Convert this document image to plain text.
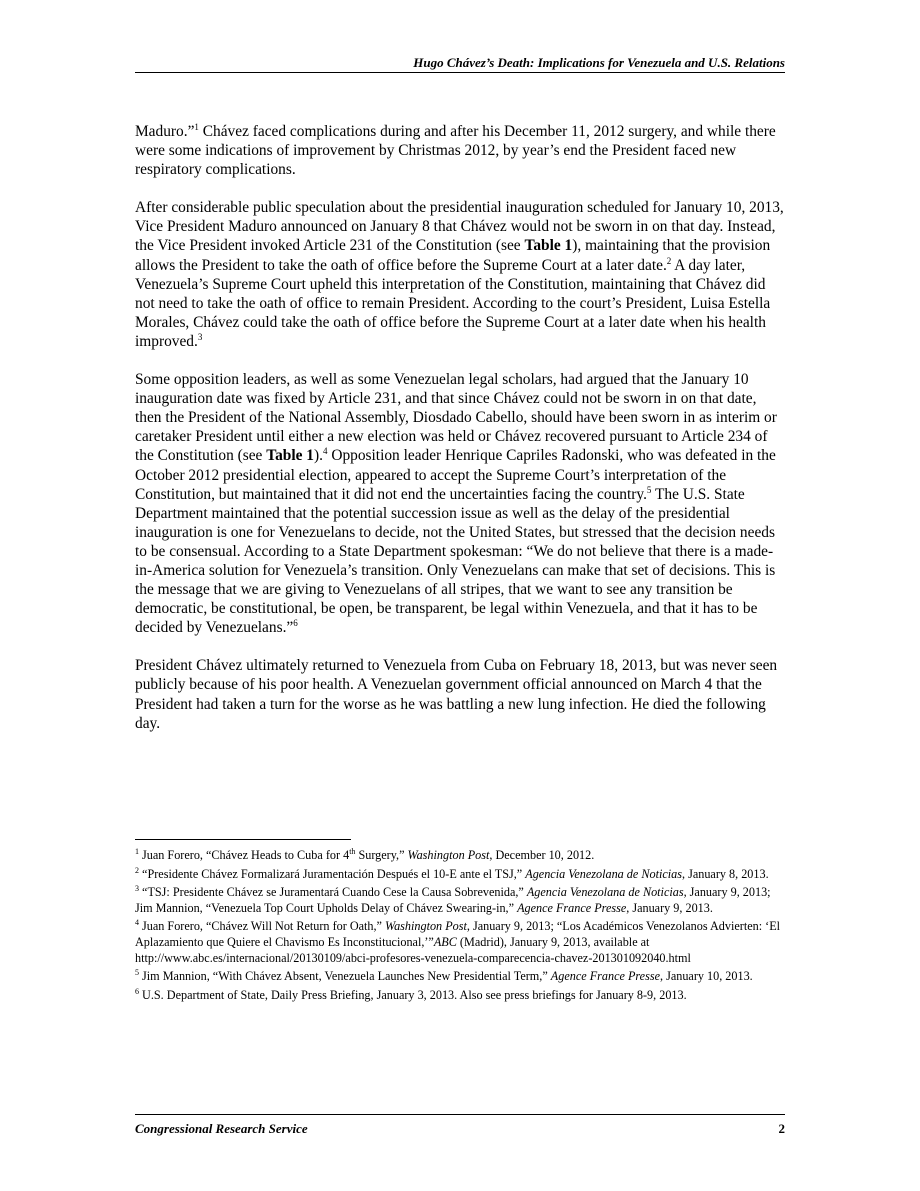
Hugo Chávez’s Death: Implications for Venezuela and U.S. Relations

Maduro.”$^1$ Chávez faced complications during and after his December 11, 2012 surgery, and while there were some indications of improvement by Christmas 2012, by year’s end the President faced new respiratory complications.

After considerable public speculation about the presidential inauguration scheduled for January 10, 2013, Vice President Maduro announced on January 8 that Chávez would not be sworn in on that day. Instead, the Vice President invoked Article 231 of the Constitution (see Table 1), maintaining that the provision allows the President to take the oath of office before the Supreme Court at a later date.$^2$ A day later, Venezuela’s Supreme Court upheld this interpretation of the Constitution, maintaining that Chávez did not need to take the oath of office to remain President. According to the court’s President, Luisa Estella Morales, Chávez could take the oath of office before the Supreme Court at a later date when his health improved.$^3$

Some opposition leaders, as well as some Venezuelan legal scholars, had argued that the January 10 inauguration date was fixed by Article 231, and that since Chávez could not be sworn in on that date, then the President of the National Assembly, Diosdado Cabello, should have been sworn in as interim or caretaker President until either a new election was held or Chávez recovered pursuant to Article 234 of the Constitution (see Table 1).$^4$ Opposition leader Henrique Capriles Radonski, who was defeated in the October 2012 presidential election, appeared to accept the Supreme Court’s interpretation of the Constitution, but maintained that it did not end the uncertainties facing the country.$^5$ The U.S. State Department maintained that the potential succession issue as well as the delay of the presidential inauguration is one for Venezuelans to decide, not the United States, but stressed that the decision needs to be consensual. According to a State Department spokesman: “We do not believe that there is a made-in-America solution for Venezuela’s transition. Only Venezuelans can make that set of decisions. This is the message that we are giving to Venezuelans of all stripes, that we want to see any transition be democratic, be constitutional, be open, be transparent, be legal within Venezuela, and that it has to be decided by Venezuelans.”$^6$

President Chávez ultimately returned to Venezuela from Cuba on February 18, 2013, but was never seen publicly because of his poor health. A Venezuelan government official announced on March 4 that the President had taken a turn for the worse as he was battling a new lung infection. He died the following day.

$^1$ Juan Forero, “Chávez Heads to Cuba for 4th Surgery,” Washington Post, December 10, 2012.
$^2$ “Presidente Chávez Formalizará Juramentación Después el 10-E ante el TSJ,” Agencia Venezolana de Noticias, January 8, 2013.
$^3$ “TSJ: Presidente Chávez se Juramentará Cuando Cese la Causa Sobrevenida,” Agencia Venezolana de Noticias, January 9, 2013; Jim Mannion, “Venezuela Top Court Upholds Delay of Chávez Swearing-in,” Agence France Presse, January 9, 2013.
$^4$ Juan Forero, “Chávez Will Not Return for Oath,” Washington Post, January 9, 2013; “Los Académicos Venezolanos Advierten: ‘El Aplazamiento que Quiere el Chavismo Es Inconstitucional,’”ABC (Madrid), January 9, 2013, available at http://www.abc.es/internacional/20130109/abci-profesores-venezuela-comparecencia-chavez-201301092040.html
$^5$ Jim Mannion, “With Chávez Absent, Venezuela Launches New Presidential Term,” Agence France Presse, January 10, 2013.
$^6$ U.S. Department of State, Daily Press Briefing, January 3, 2013. Also see press briefings for January 8-9, 2013.
Congressional Research Service	2
